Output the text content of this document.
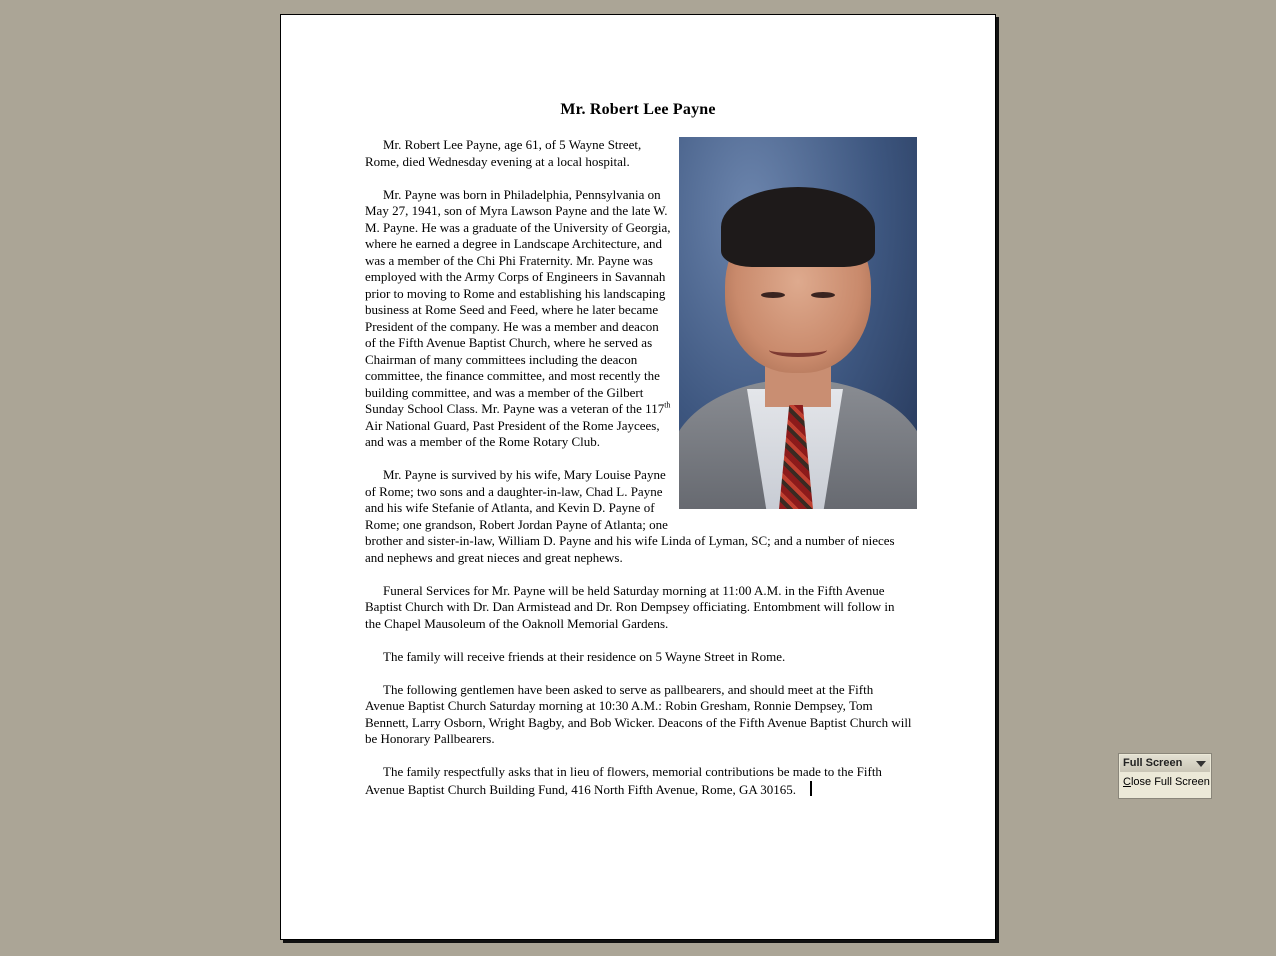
Mr. Robert Lee Payne

Mr. Robert Lee Payne, age 61, of 5 Wayne Street, Rome, died Wednesday evening at a local hospital.

Mr. Payne was born in Philadelphia, Pennsylvania on May 27, 1941, son of Myra Lawson Payne and the late W. M. Payne. He was a graduate of the University of Georgia, where he earned a degree in Landscape Architecture, and was a member of the Chi Phi Fraternity. Mr. Payne was employed with the Army Corps of Engineers in Savannah prior to moving to Rome and establishing his landscaping business at Rome Seed and Feed, where he later became President of the company. He was a member and deacon of the Fifth Avenue Baptist Church, where he served as Chairman of many committees including the deacon committee, the finance committee, and most recently the building committee, and was a member of the Gilbert Sunday School Class. Mr. Payne was a veteran of the 117th Air National Guard, Past President of the Rome Jaycees, and was a member of the Rome Rotary Club.

Mr. Payne is survived by his wife, Mary Louise Payne of Rome; two sons and a daughter-in-law, Chad L. Payne and his wife Stefanie of Atlanta, and Kevin D. Payne of Rome; one grandson, Robert Jordan Payne of Atlanta; one brother and sister-in-law, William D. Payne and his wife Linda of Lyman, SC; and a number of nieces and nephews and great nieces and great nephews.

Funeral Services for Mr. Payne will be held Saturday morning at 11:00 A.M. in the Fifth Avenue Baptist Church with Dr. Dan Armistead and Dr. Ron Dempsey officiating. Entombment will follow in the Chapel Mausoleum of the Oaknoll Memorial Gardens.

The family will receive friends at their residence on 5 Wayne Street in Rome.

The following gentlemen have been asked to serve as pallbearers, and should meet at the Fifth Avenue Baptist Church Saturday morning at 10:30 A.M.: Robin Gresham, Ronnie Dempsey, Tom Bennett, Larry Osborn, Wright Bagby, and Bob Wicker. Deacons of the Fifth Avenue Baptist Church will be Honorary Pallbearers.

The family respectfully asks that in lieu of flowers, memorial contributions be made to the Fifth Avenue Baptist Church Building Fund, 416 North Fifth Avenue, Rome, GA 30165.

Full Screen
Close Full Screen
